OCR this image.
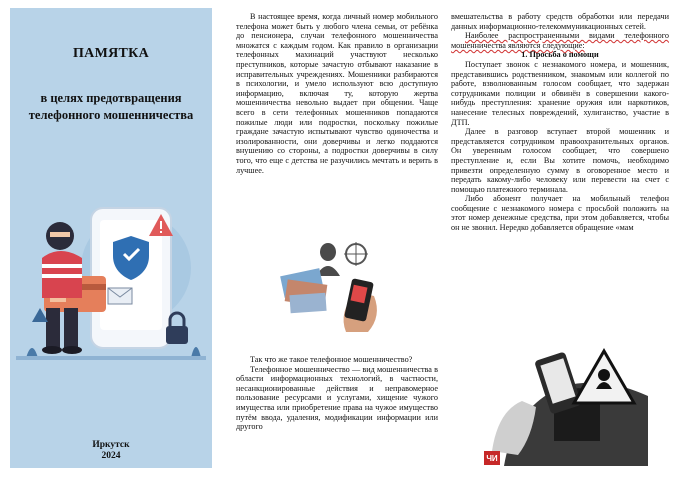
ПАМЯТКА
в целях предотвращения телефонного мошенничества
Иркутск
2024

В настоящее время, когда личный номер мобильного телефона может быть у любого члена семьи, от ребёнка до пенсионера, случаи телефонного мошенничества множатся с каждым годом. Как правило в организации телефонных махинаций участвуют несколько преступников, которые зачастую отбывают наказание в исправительных учреждениях. Мошенники разбираются в психологии, и умело используют всю доступную информацию, включая ту, которую жертва мошенничества невольно выдает при общении. Чаще всего в сети телефонных мошенников попадаются пожилые люди или подростки, поскольку пожилые граждане зачастую испытывают чувство одиночества и изолированности, они доверчивы и легко поддаются внушению со стороны, а подростки доверчивы в силу того, что еще с детства не разучились мечтать и верить в лучшее.

Так что же такое телефонное мошенничество?

Телефонное мошенничество — вид мошенничества в области информационных технологий, в частности, несанкционированные действия и неправомерное пользование ресурсами и услугами, хищение чужого имущества или приобретение права на чужое имущество путём ввода, удаления, модификации информации или другого

вмешательства в работу средств обработки или передачи данных информационно-телекоммуникационных сетей.

Наиболее распространенными видами телефонного мошенничества являются следующие:

1. Просьба о помощи

Поступает звонок с незнакомого номера, и мошенник, представившись родственником, знакомым или коллегой по работе, взволнованным голосом сообщает, что задержан сотрудниками полиции и обвинён в совершении какого-нибудь преступления: хранение оружия или наркотиков, нанесение телесных повреждений, хулиганство, участие в ДТП.

Далее в разговор вступает второй мошенник и представляется сотрудником правоохранительных органов. Он уверенным голосом сообщает, что совершено преступление и, если Вы хотите помочь, необходимо привезти определенную сумму в оговоренное место и передать какому-либо человеку или перевести на счет с помощью платежного терминала.

Либо абонент получает на мобильный телефон сообщение с незнакомого номера с просьбой положить на этот номер денежные средства, при этом добавляется, чтобы он не звонил. Нередко добавляется обращение «мам

ЧИ
